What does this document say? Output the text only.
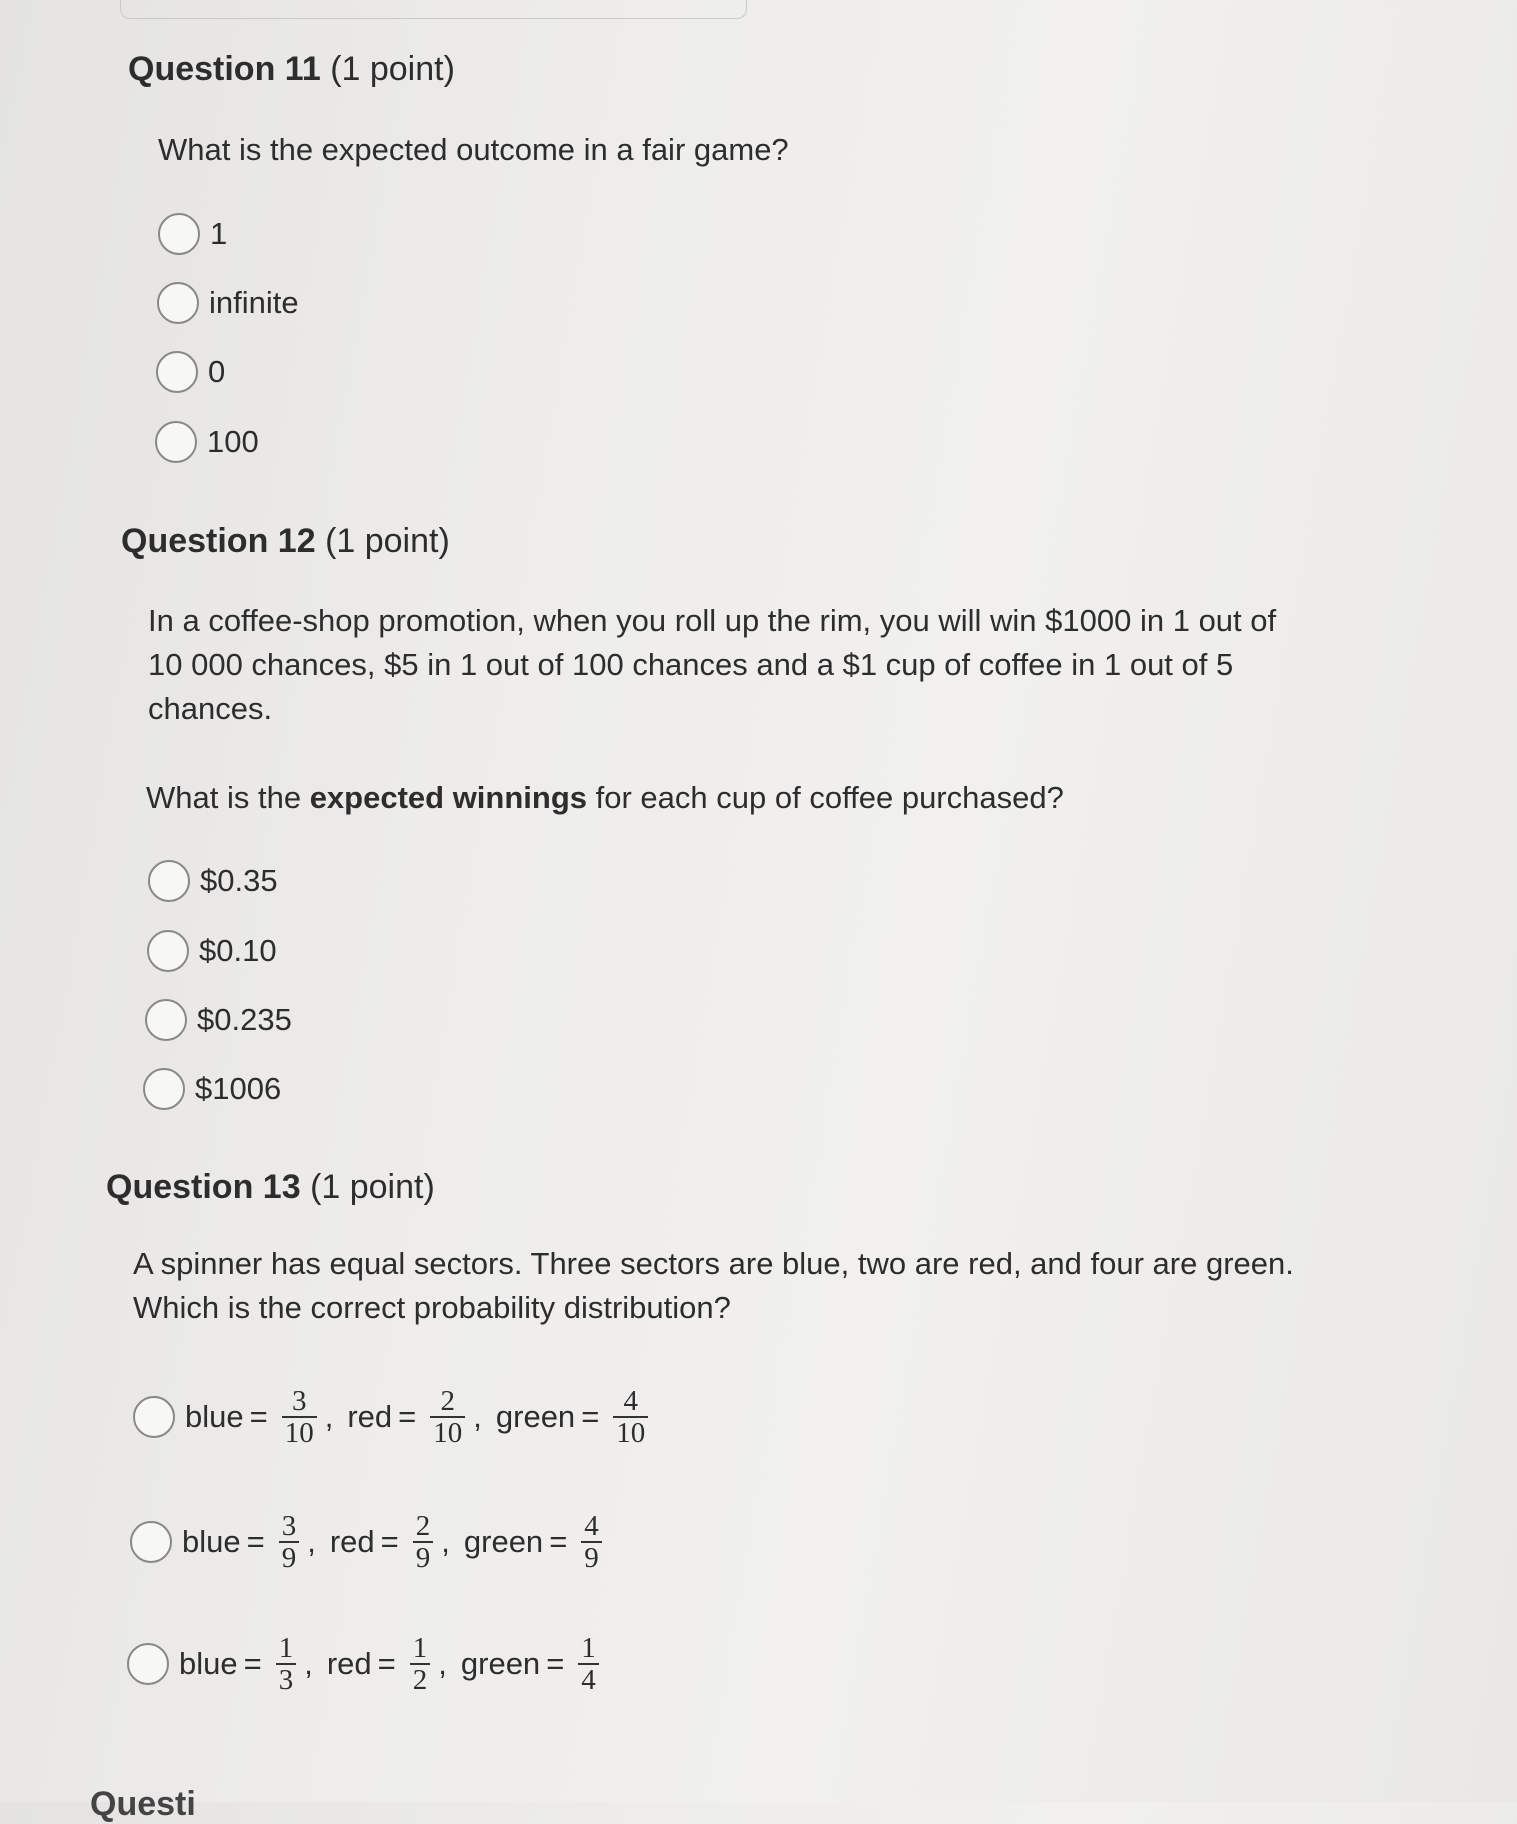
Question 11 (1 point)
What is the expected outcome in a fair game?
1
infinite
0
100
Question 12 (1 point)
In a coffee-shop promotion, when you roll up the rim, you will win $1000 in 1 out of
10 000 chances, $5 in 1 out of 100 chances and a $1 cup of coffee in 1 out of 5
chances.
What is the expected winnings for each cup of coffee purchased?
$0.35
$0.10
$0.235
$1006
Question 13 (1 point)
A spinner has equal sectors. Three sectors are blue, two are red, and four are green.
Which is the correct probability distribution?
blue = $\frac{3}{10}$ , red = $\frac{2}{10}$ , green = $\frac{4}{10}$
blue = $\frac{3}{9}$ , red = $\frac{2}{9}$ , green = $\frac{4}{9}$
blue = $\frac{1}{3}$ , red = $\frac{1}{2}$ , green = $\frac{1}{4}$
Questi
